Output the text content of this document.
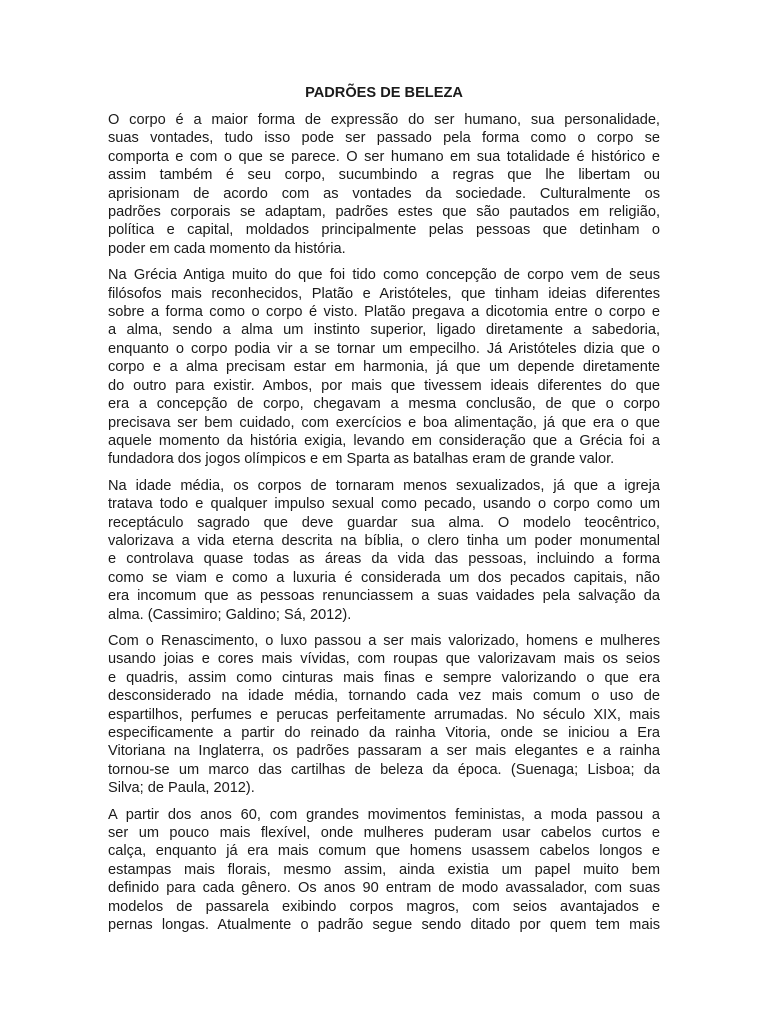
PADRÕES DE BELEZA
O corpo é a maior forma de expressão do ser humano, sua personalidade,
suas vontades, tudo isso pode ser passado pela forma como o corpo se
comporta e com o que se parece. O ser humano em sua totalidade é histórico e
assim também é seu corpo, sucumbindo a regras que lhe libertam ou
aprisionam de acordo com as vontades da sociedade. Culturalmente os
padrões corporais se adaptam, padrões estes que são pautados em religião,
política e capital, moldados principalmente pelas pessoas que detinham o
poder em cada momento da história.
Na Grécia Antiga muito do que foi tido como concepção de corpo vem de seus
filósofos mais reconhecidos, Platão e Aristóteles, que tinham ideias diferentes
sobre a forma como o corpo é visto. Platão pregava a dicotomia entre o corpo e
a alma, sendo a alma um instinto superior, ligado diretamente a sabedoria,
enquanto o corpo podia vir a se tornar um empecilho. Já Aristóteles dizia que o
corpo e a alma precisam estar em harmonia, já que um depende diretamente
do outro para existir. Ambos, por mais que tivessem ideais diferentes do que
era a concepção de corpo, chegavam a mesma conclusão, de que o corpo
precisava ser bem cuidado, com exercícios e boa alimentação, já que era o que
aquele momento da história exigia, levando em consideração que a Grécia foi a
fundadora dos jogos olímpicos e em Sparta as batalhas eram de grande valor.
Na idade média, os corpos de tornaram menos sexualizados, já que a igreja
tratava todo e qualquer impulso sexual como pecado, usando o corpo como um
receptáculo sagrado que deve guardar sua alma. O modelo teocêntrico,
valorizava a vida eterna descrita na bíblia, o clero tinha um poder monumental
e controlava quase todas as áreas da vida das pessoas, incluindo a forma
como se viam e como a luxuria é considerada um dos pecados capitais, não
era incomum que as pessoas renunciassem a suas vaidades pela salvação da
alma. (Cassimiro; Galdino; Sá, 2012).
Com o Renascimento, o luxo passou a ser mais valorizado, homens e mulheres
usando joias e cores mais vívidas, com roupas que valorizavam mais os seios
e quadris, assim como cinturas mais finas e sempre valorizando o que era
desconsiderado na idade média, tornando cada vez mais comum o uso de
espartilhos, perfumes e perucas perfeitamente arrumadas. No século XIX, mais
especificamente a partir do reinado da rainha Vitoria, onde se iniciou a Era
Vitoriana na Inglaterra, os padrões passaram a ser mais elegantes e a rainha
tornou-se um marco das cartilhas de beleza da época. (Suenaga; Lisboa; da
Silva; de Paula, 2012).
A partir dos anos 60, com grandes movimentos feministas, a moda passou a
ser um pouco mais flexível, onde mulheres puderam usar cabelos curtos e
calça, enquanto já era mais comum que homens usassem cabelos longos e
estampas mais florais, mesmo assim, ainda existia um papel muito bem
definido para cada gênero. Os anos 90 entram de modo avassalador, com suas
modelos de passarela exibindo corpos magros, com seios avantajados e
pernas longas. Atualmente o padrão segue sendo ditado por quem tem mais
